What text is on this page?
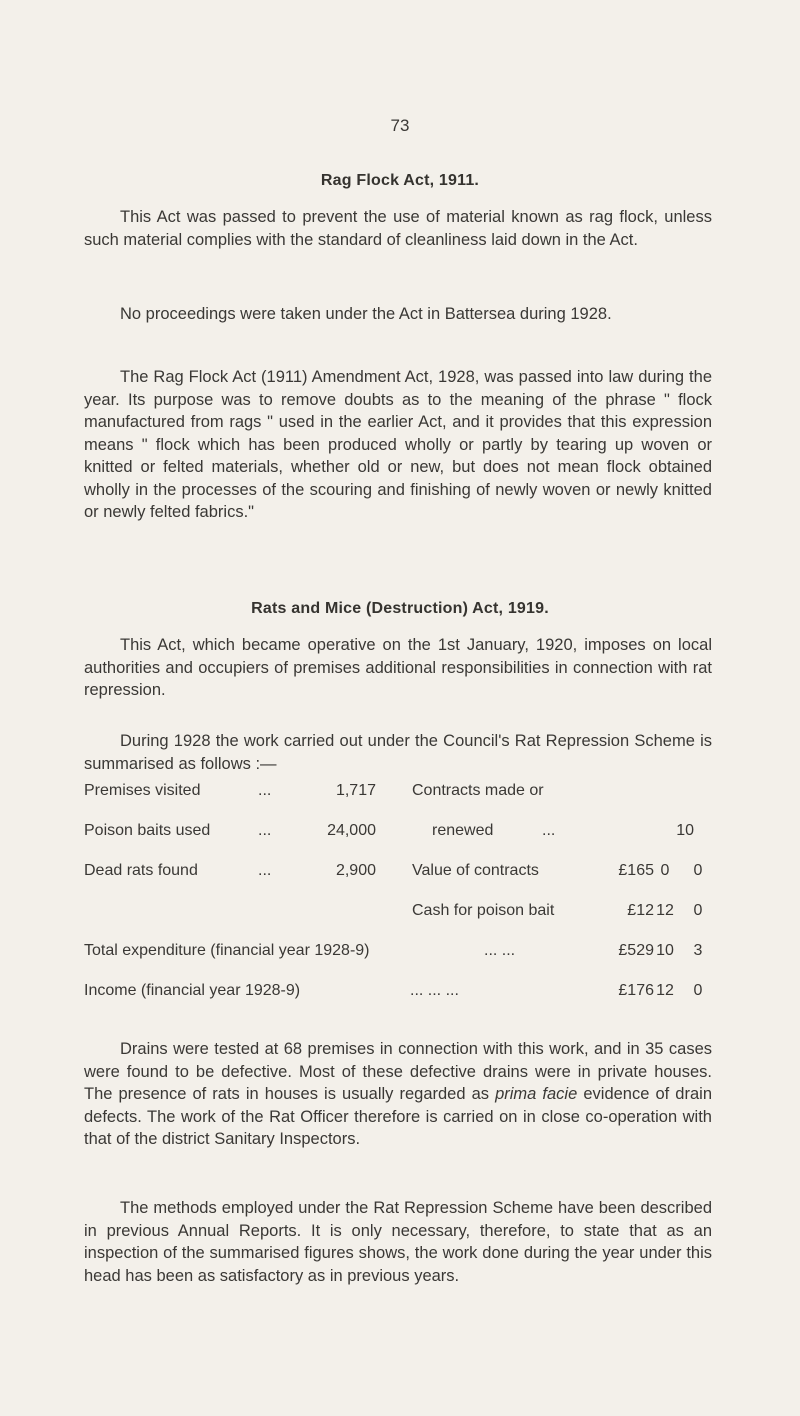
73
Rag Flock Act, 1911.
This Act was passed to prevent the use of material known as rag flock, unless such material complies with the standard of cleanliness laid down in the Act.
No proceedings were taken under the Act in Battersea during 1928.
The Rag Flock Act (1911) Amendment Act, 1928, was passed into law during the year. Its purpose was to remove doubts as to the meaning of the phrase " flock manufactured from rags " used in the earlier Act, and it provides that this expression means " flock which has been produced wholly or partly by tearing up woven or knitted or felted materials, whether old or new, but does not mean flock obtained wholly in the processes of the scouring and finishing of newly woven or newly knitted or newly felted fabrics."
Rats and Mice (Destruction) Act, 1919.
This Act, which became operative on the 1st January, 1920, imposes on local authorities and occupiers of premises additional responsibilities in connection with rat repression.
During 1928 the work carried out under the Council's Rat Repression Scheme is summarised as follows :—
Premises visited	...	1,717 Contracts made or
Poison baits used	...	24,000	renewed	...	10
Dead rats found	...	2,900 Value of contracts	£165 0	0
Cash for poison bait	£12 12	0
Total expenditure (financial year 1928-9)	... ...	£529 10	3
Income (financial year 1928-9)	... ... ...	£176 12	0
Drains were tested at 68 premises in connection with this work, and in 35 cases were found to be defective. Most of these defective drains were in private houses. The presence of rats in houses is usually regarded as prima facie evidence of drain defects. The work of the Rat Officer therefore is carried on in close co-operation with that of the district Sanitary Inspectors.
The methods employed under the Rat Repression Scheme have been described in previous Annual Reports. It is only necessary, therefore, to state that as an inspection of the summarised figures shows, the work done during the year under this head has been as satisfactory as in previous years.
